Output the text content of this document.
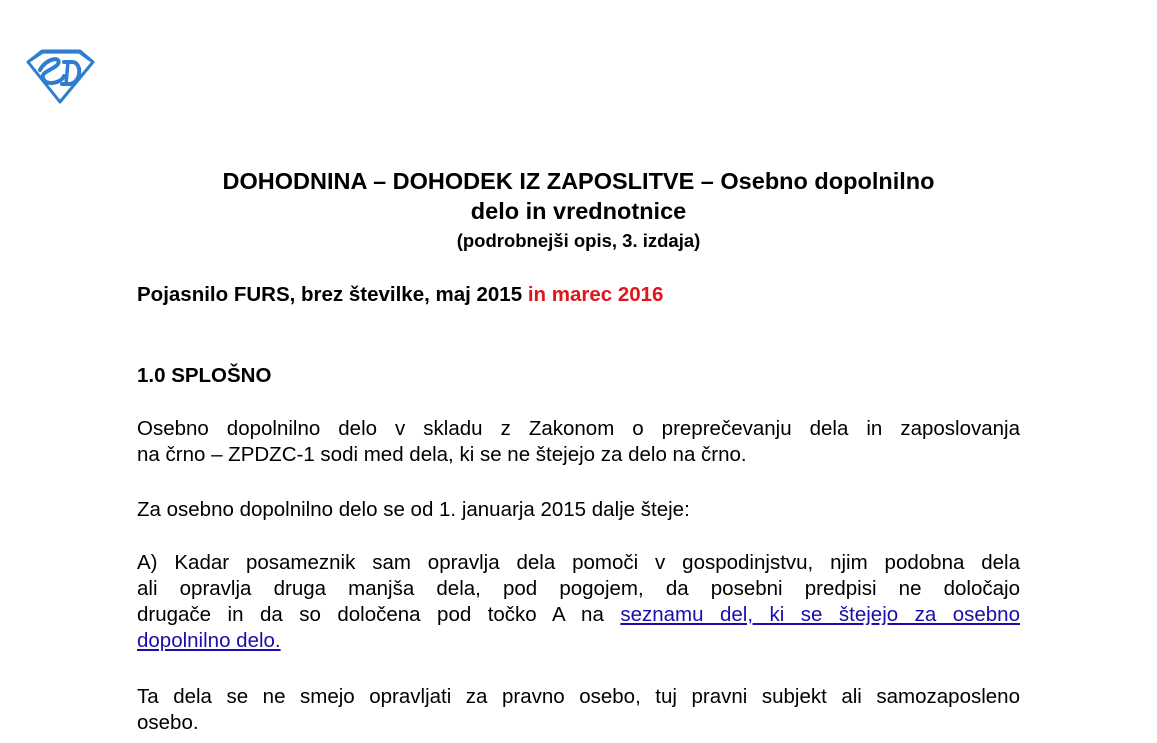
DOHODNINA – DOHODEK IZ ZAPOSLITVE – Osebno dopolnilno
delo in vrednotnice
(podrobnejši opis, 3. izdaja)
Pojasnilo FURS, brez številke, maj 2015 in marec 2016
1.0 SPLOŠNO
Osebno dopolnilno delo v skladu z Zakonom o preprečevanju dela in zaposlovanja
na črno – ZPDZC-1 sodi med dela, ki se ne štejejo za delo na črno.
Za osebno dopolnilno delo se od 1. januarja 2015 dalje šteje:
A) Kadar posameznik sam opravlja dela pomoči v gospodinjstvu, njim podobna dela
ali opravlja druga manjša dela, pod pogojem, da posebni predpisi ne določajo
drugače in da so določena pod točko A na seznamu del, ki se štejejo za osebno
dopolnilno delo.
Ta dela se ne smejo opravljati za pravno osebo, tuj pravni subjekt ali samozaposleno
osebo.
